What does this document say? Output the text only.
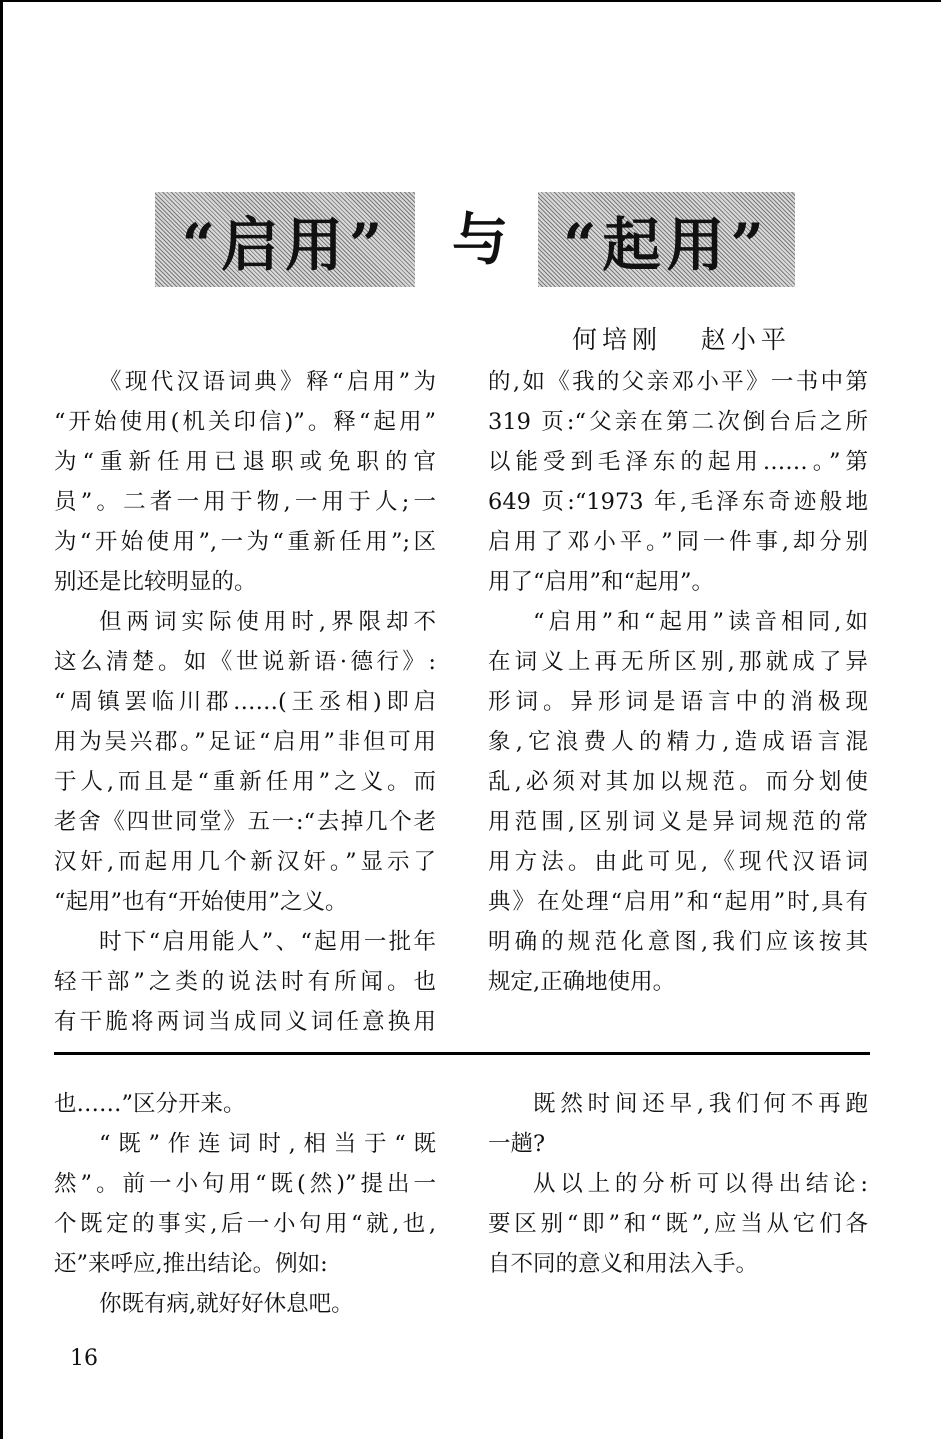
“启用”	与 “起用”
何培刚   赵小平

《现代汉语词典》释“启用”为

“开始使用(机关印信)”。释“起用”

为“重新任用已退职或免职的官

员”。二者一用于物,一用于人;一

为“开始使用”,一为“重新任用”;区

别还是比较明显的。

但两词实际使用时,界限却不

这么清楚。如《世说新语·德行》:

“周镇罢临川郡……(王丞相)即启

用为吴兴郡。”足证“启用”非但可用

于人,而且是“重新任用”之义。而

老舍《四世同堂》五一:“去掉几个老

汉奸,而起用几个新汉奸。”显示了

“起用”也有“开始使用”之义。

时下“启用能人”、“起用一批年

轻干部”之类的说法时有所闻。也

有干脆将两词当成同义词任意换用

的,如《我的父亲邓小平》一书中第

319 页:“父亲在第二次倒台后之所

以能受到毛泽东的起用……。”第

649 页:“1973 年,毛泽东奇迹般地

启用了邓小平。”同一件事,却分别

用了“启用”和“起用”。

“启用”和“起用”读音相同,如

在词义上再无所区别,那就成了异

形词。异形词是语言中的消极现

象,它浪费人的精力,造成语言混

乱,必须对其加以规范。而分划使

用范围,区别词义是异词规范的常

用方法。由此可见,《现代汉语词

典》在处理“启用”和“起用”时,具有

明确的规范化意图,我们应该按其

规定,正确地使用。

也……”区分开来。

“既”作连词时,相当于“既

然”。前一小句用“既(然)”提出一

个既定的事实,后一小句用“就,也,

还”来呼应,推出结论。例如:

你既有病,就好好休息吧。

既然时间还早,我们何不再跑

一趟?

从以上的分析可以得出结论:

要区别“即”和“既”,应当从它们各

自不同的意义和用法入手。

16
